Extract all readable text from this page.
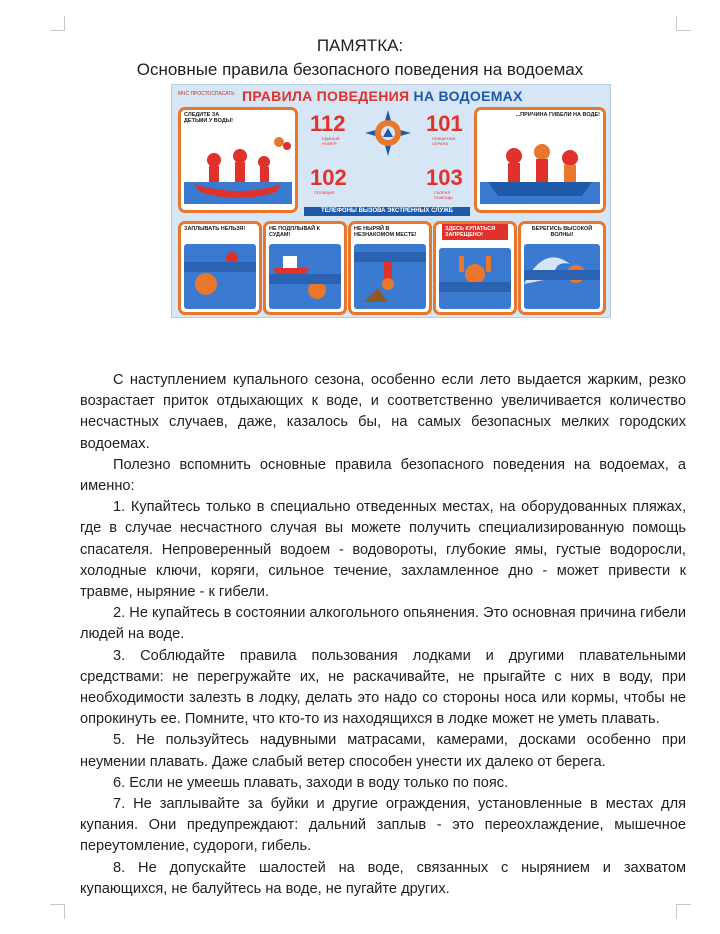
ПАМЯТКА:
Основные правила безопасного поведения на водоемах
МЧС ПРОСТОСПАСАТЬ ПРАВИЛА ПОВЕДЕНИЯ НА ВОДОЕМАХ
СЛЕДИТЕ ЗА ДЕТЬМИ У ВОДЫ!	112
ЕДИНЫЙ НОМЕР
101
ПОЖАРНАЯ ОХРАНА
102
ПОЛИЦИЯ
103
СКОРАЯ ПОМОЩЬ
ТЕЛЕФОНЫ ВЫЗОВА ЭКСТРЕННЫХ СЛУЖБ
...ПРИЧИНА ГИБЕЛИ НА ВОДЕ!
ЗАПЛЫВАТЬ НЕЛЬЗЯ!	НЕ ПОДПЛЫВАЙ К СУДАМ!
НЕ НЫРЯЙ В НЕЗНАКОМОМ МЕСТЕ!
ЗДЕСЬ КУПАТЬСЯ ЗАПРЕЩЕНО!
БЕРЕГИСЬ ВЫСОКОЙ ВОЛНЫ!

С наступлением купального сезона, особенно если лето выдается жарким, резко возрастает приток отдыхающих к воде, и соответственно увеличивается количество несчастных случаев, даже, казалось бы, на самых безопасных мелких городских водоемах.

Полезно вспомнить основные правила безопасного поведения на водоемах, а именно:

1. Купайтесь только в специально отведенных местах, на оборудованных пляжах, где в случае несчастного случая вы можете получить специализированную помощь спасателя. Непроверенный водоем - водовороты, глубокие ямы, густые водоросли, холодные ключи, коряги, сильное течение, захламленное дно - может привести к травме, ныряние - к гибели.

2. Не купайтесь в состоянии алкогольного опьянения. Это основная причина гибели людей на воде.

3. Соблюдайте правила пользования лодками и другими плавательными средствами: не перегружайте их, не раскачивайте, не прыгайте с них в воду, при необходимости залезть в лодку, делать это надо со стороны носа или кормы, чтобы не опрокинуть ее. Помните, что кто-то из находящихся в лодке может не уметь плавать.

5. Не пользуйтесь надувными матрасами, камерами, досками особенно при неумении плавать. Даже слабый ветер способен унести их далеко от берега.

6. Если не умеешь плавать, заходи в воду только по пояс.

7. Не заплывайте за буйки и другие ограждения, установленные в местах для купания. Они предупреждают: дальний заплыв - это переохлаждение, мышечное переутомление, судороги, гибель.

8. Не допускайте шалостей на воде, связанных с нырянием и захватом купающихся, не балуйтесь на воде, не пугайте других.
